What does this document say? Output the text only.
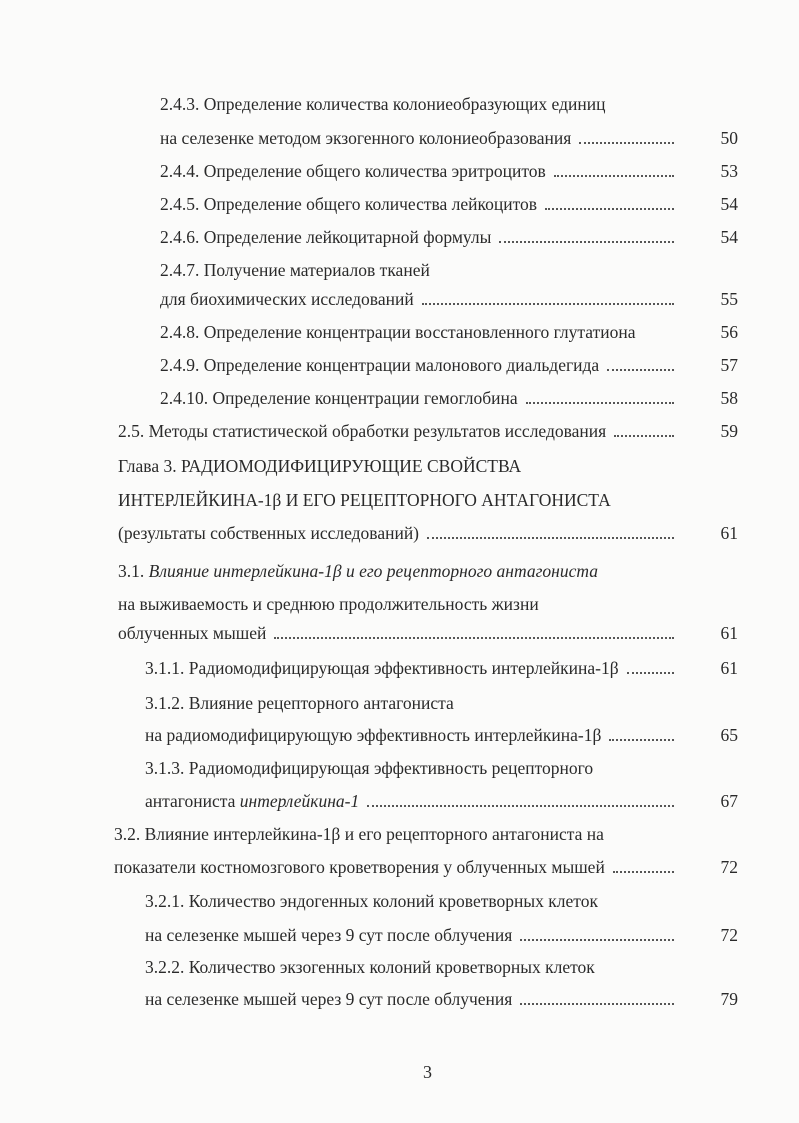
2.4.3. Определение количества колониеобразующих единиц
на селезенке методом экзогенного колониеобразования	50
2.4.4. Определение общего количества эритроцитов	53
2.4.5. Определение общего количества лейкоцитов	54
2.4.6. Определение лейкоцитарной формулы	54
2.4.7. Получение материалов тканей
для биохимических исследований	55
2.4.8. Определение концентрации восстановленного глутатиона	56
2.4.9. Определение концентрации малонового диальдегида	57
2.4.10. Определение концентрации гемоглобина	58
2.5. Методы статистической обработки результатов исследования	59
Глава 3. РАДИОМОДИФИЦИРУЮЩИЕ СВОЙСТВА
ИНТЕРЛЕЙКИНА-1β И ЕГО РЕЦЕПТОРНОГО АНТАГОНИСТА
(результаты собственных исследований)	61
3.1. Влияние интерлейкина-1β и его рецепторного антагониста
на выживаемость и среднюю продолжительность жизни
облученных мышей	61
3.1.1. Радиомодифицирующая эффективность интерлейкина-1β	61
3.1.2. Влияние рецепторного антагониста
на радиомодифицирующую эффективность интерлейкина-1β	65
3.1.3. Радиомодифицирующая эффективность рецепторного
антагониста интерлейкина-1	67
3.2. Влияние интерлейкина-1β и его рецепторного антагониста на
показатели костномозгового кроветворения у облученных мышей	72
3.2.1. Количество эндогенных колоний кроветворных клеток
на селезенке мышей через 9 сут после облучения	72
3.2.2. Количество экзогенных колоний кроветворных клеток
на селезенке мышей через 9 сут после облучения	79
3
